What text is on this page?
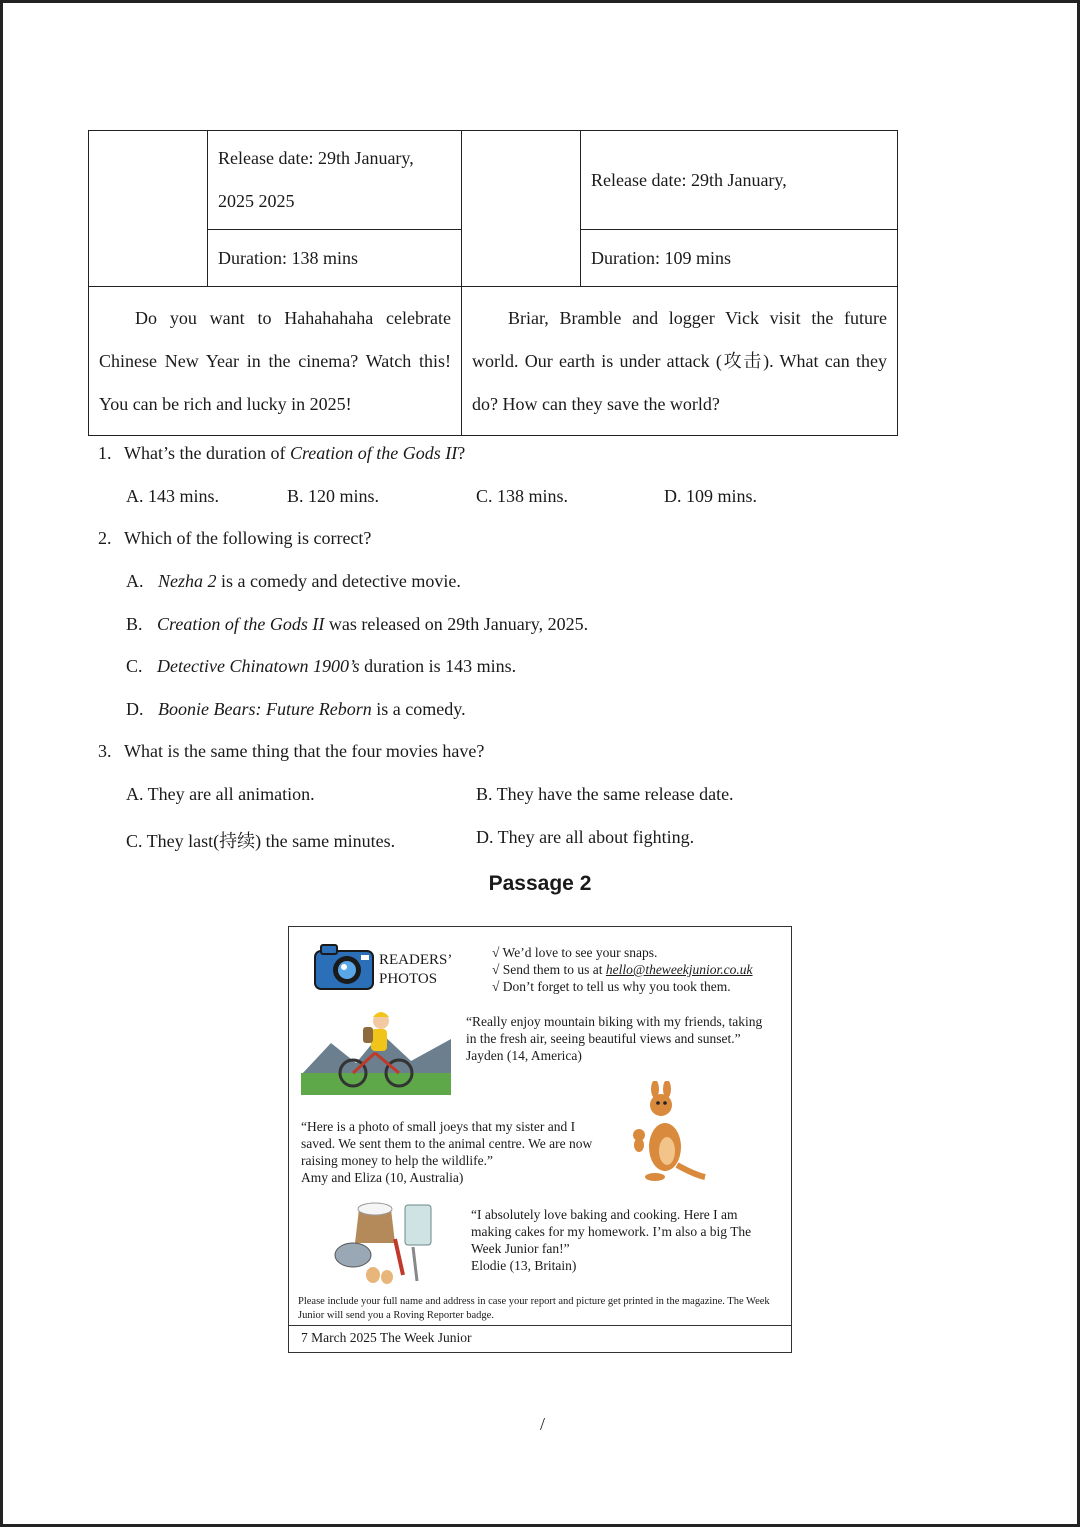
	Release date: 29th January,
2025 2025		Release date: 29th January,
	Duration: 138 mins		Duration: 109 mins
Do you want to Hahahahaha celebrate Chinese New Year in the cinema? Watch this! You can be rich and lucky in 2025!		Briar, Bramble and logger Vick visit the future world. Our earth is under attack (攻击). What can they do? How can they save the world?	
1. What’s the duration of Creation of the Gods II?
A. 143 mins.	B. 120 mins.	C. 138 mins.	D. 109 mins.
2. Which of the following is correct?
A. Nezha 2 is a comedy and detective movie.
B. Creation of the Gods II was released on 29th January, 2025.
C. Detective Chinatown 1900’s duration is 143 mins.
D. Boonie Bears: Future Reborn is a comedy.
3. What is the same thing that the four movies have?
A. They are all animation.	B. They have the same release date.
C. They last(持续) the same minutes.	D. They are all about fighting.
Passage 2
READERS’
PHOTOS
√ We’d love to see your snaps.
√ Send them to us at hello@theweekjunior.co.uk
√ Don’t forget to tell us why you took them.
“Really enjoy mountain biking with my friends, taking in the fresh air, seeing beautiful views and sunset.”
Jayden (14, America)
“Here is a photo of small joeys that my sister and I saved. We sent them to the animal centre. We are now raising money to help the wildlife.”
Amy and Eliza (10, Australia)
“I absolutely love baking and cooking. Here I am making cakes for my homework. I’m also a big The Week Junior fan!”
Elodie (13, Britain)
Please include your full name and address in case your report and picture get printed in the magazine. The Week Junior will send you a Roving Reporter badge.
7 March 2025 The Week Junior
/
